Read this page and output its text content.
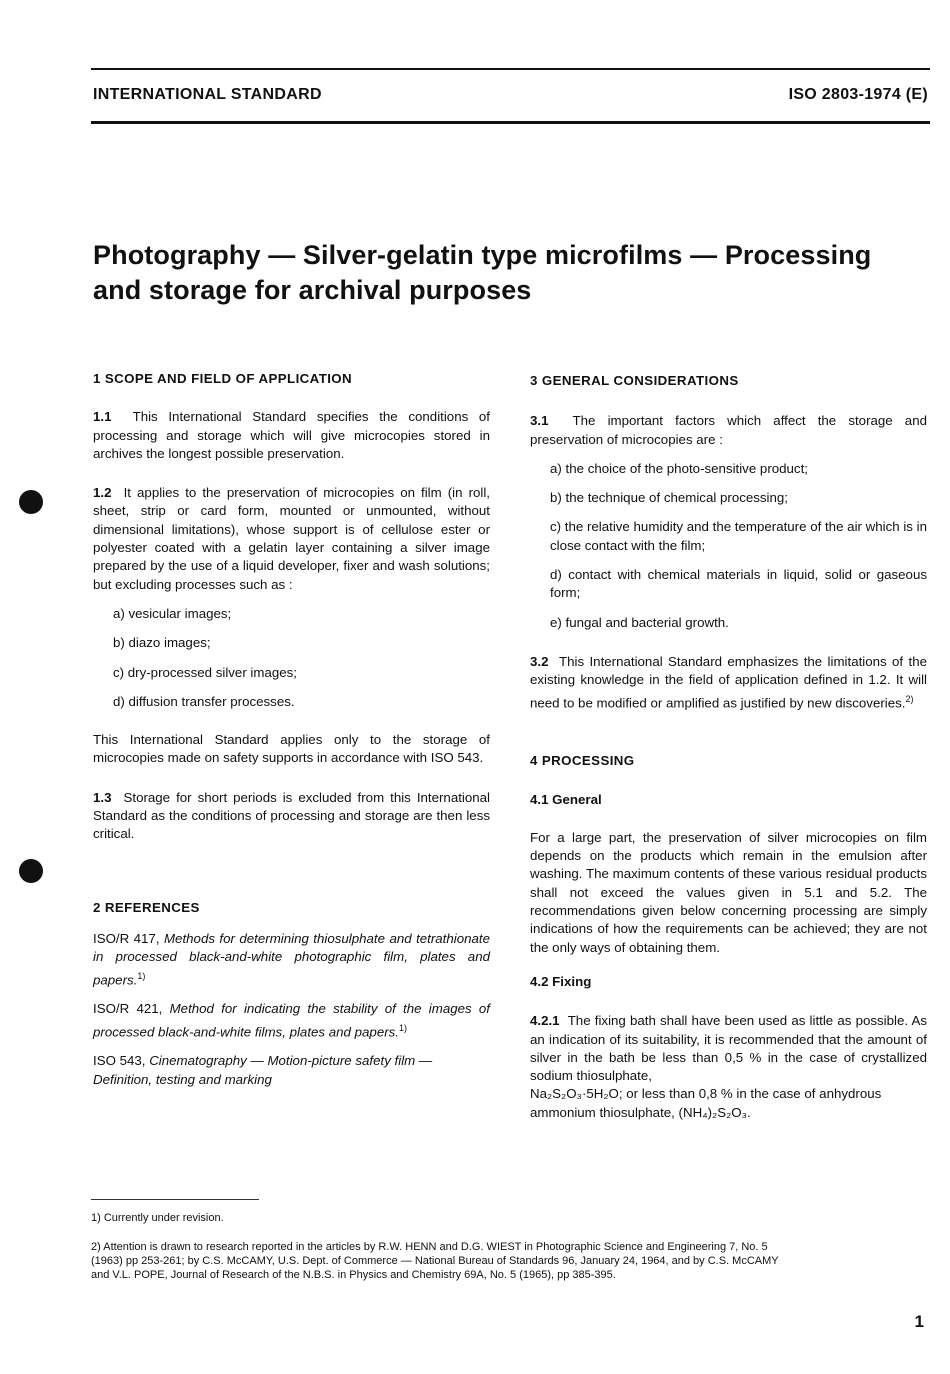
INTERNATIONAL STANDARD	ISO 2803-1974 (E)
Photography — Silver-gelatin type microfilms — Processing
and storage for archival purposes

1 SCOPE AND FIELD OF APPLICATION

1.1 This International Standard specifies the conditions of processing and storage which will give microcopies stored in archives the longest possible preservation.

1.2 It applies to the preservation of microcopies on film (in roll, sheet, strip or card form, mounted or unmounted, without dimensional limitations), whose support is of cellulose ester or polyester coated with a gelatin layer containing a silver image prepared by the use of a liquid developer, fixer and wash solutions; but excluding processes such as :

a) vesicular images;

b) diazo images;

c) dry-processed silver images;

d) diffusion transfer processes.

This International Standard applies only to the storage of microcopies made on safety supports in accordance with ISO 543.

1.3 Storage for short periods is excluded from this International Standard as the conditions of processing and storage are then less critical.

2 REFERENCES

ISO/R 417, Methods for determining thiosulphate and tetrathionate in processed black-and-white photographic film, plates and papers.$^{1)}$

ISO/R 421, Method for indicating the stability of the images of processed black-and-white films, plates and papers.$^{1)}$

ISO 543, Cinematography — Motion-picture safety film — Definition, testing and marking

3 GENERAL CONSIDERATIONS

3.1 The important factors which affect the storage and preservation of microcopies are :

a) the choice of the photo-sensitive product;

b) the technique of chemical processing;

c) the relative humidity and the temperature of the air which is in close contact with the film;

d) contact with chemical materials in liquid, solid or gaseous form;

e) fungal and bacterial growth.

3.2 This International Standard emphasizes the limitations of the existing knowledge in the field of application defined in 1.2. It will need to be modified or amplified as justified by new discoveries.$^{2)}$

4 PROCESSING

4.1 General

For a large part, the preservation of silver microcopies on film depends on the products which remain in the emulsion after washing. The maximum contents of these various residual products shall not exceed the values given in 5.1 and 5.2. The recommendations given below concerning processing are simply indications of how the requirements can be achieved; they are not the only ways of obtaining them.

4.2 Fixing

4.2.1 The fixing bath shall have been used as little as possible. As an indication of its suitability, it is recommended that the amount of silver in the bath be less than 0,5 % in the case of crystallized sodium thiosulphate,

Na₂S₂O₃·5H₂O; or less than 0,8 % in the case of anhydrous

ammonium thiosulphate, (NH₄)₂S₂O₃.

1) Currently under revision.

2) Attention is drawn to research reported in the articles by R.W. HENN and D.G. WIEST in Photographic Science and Engineering 7, No. 5

(1963) pp 253-261; by C.S. McCAMY, U.S. Dept. of Commerce — National Bureau of Standards 96, January 24, 1964, and by C.S. McCAMY

and V.L. POPE, Journal of Research of the N.B.S. in Physics and Chemistry 69A, No. 5 (1965), pp 385-395.

1
